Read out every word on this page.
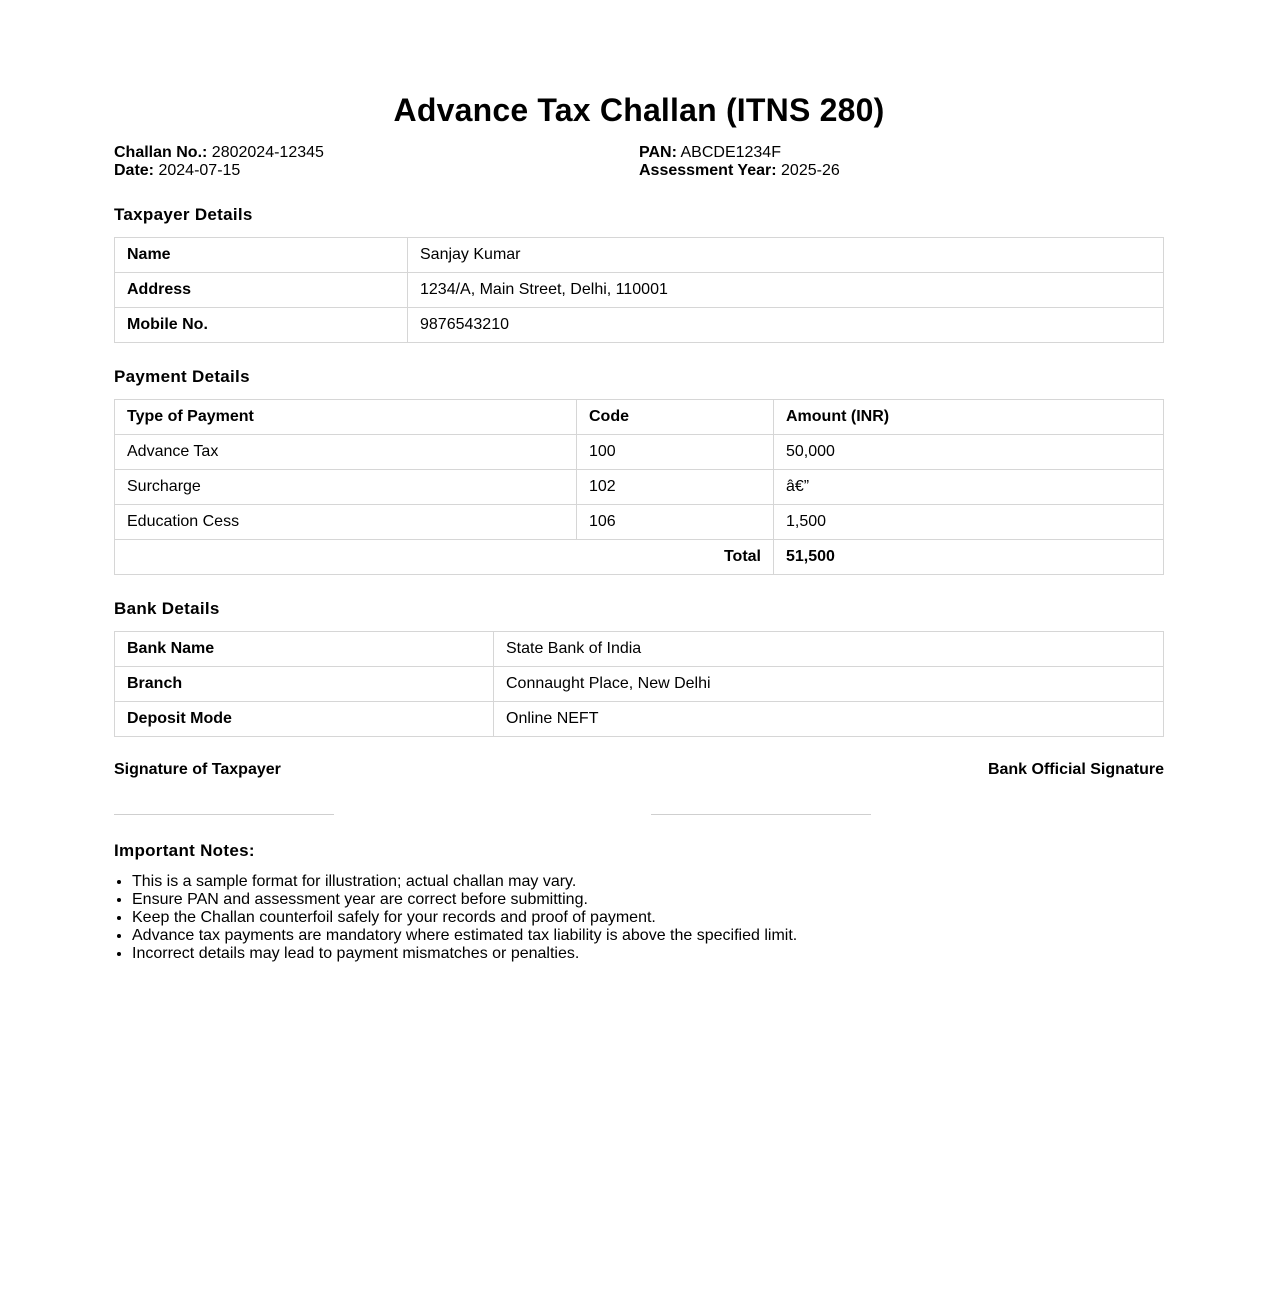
Advance Tax Challan (ITNS 280)
Challan No.: 2802024-12345
Date: 2024-07-15
PAN: ABCDE1234F
Assessment Year: 2025-26
Taxpayer Details
Name	Sanjay Kumar
Address	1234/A, Main Street, Delhi, 110001
Mobile No.	9876543210
Payment Details
Type of Payment	Code	Amount (INR)
Advance Tax	100	50,000
Surcharge	102	â€”
Education Cess	106	1,500
Total		51,500
Bank Details
Bank Name	State Bank of India
Branch	Connaught Place, New Delhi
Deposit Mode	Online NEFT
Signature of Taxpayer	Bank Official Signature
Important Notes:
• This is a sample format for illustration; actual challan may vary.
• Ensure PAN and assessment year are correct before submitting.
• Keep the Challan counterfoil safely for your records and proof of payment.
• Advance tax payments are mandatory where estimated tax liability is above the specified limit.
• Incorrect details may lead to payment mismatches or penalties.
